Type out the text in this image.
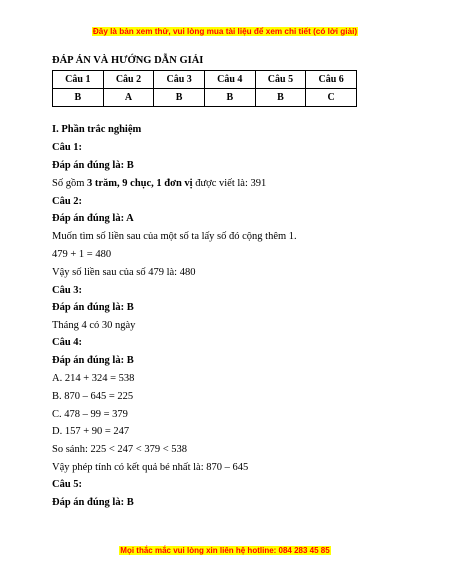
Đây là bản xem thử, vui lòng mua tài liệu để xem chi tiết (có lời giải)
ĐÁP ÁN VÀ HƯỚNG DẪN GIẢI
Câu 1	Câu 2	Câu 3	Câu 4	Câu 5	Câu 6
B	A	B	B	B	C
I. Phần trắc nghiệm
Câu 1:
Đáp án đúng là: B
Số gồm 3 trăm, 9 chục, 1 đơn vị được viết là: 391
Câu 2:
Đáp án đúng là: A
Muốn tìm số liền sau của một số ta lấy số đó cộng thêm 1.
479 + 1 = 480
Vậy số liền sau của số 479 là: 480
Câu 3:
Đáp án đúng là: B
Tháng 4 có 30 ngày
Câu 4:
Đáp án đúng là: B
A. 214 + 324 = 538
B. 870 – 645 = 225
C. 478 – 99 = 379
D. 157 + 90 = 247
So sánh: 225 < 247 < 379 < 538
Vậy phép tính có kết quả bé nhất là: 870 – 645
Câu 5:
Đáp án đúng là: B
Mọi thắc mắc vui lòng xin liên hệ hotline: 084 283 45 85
